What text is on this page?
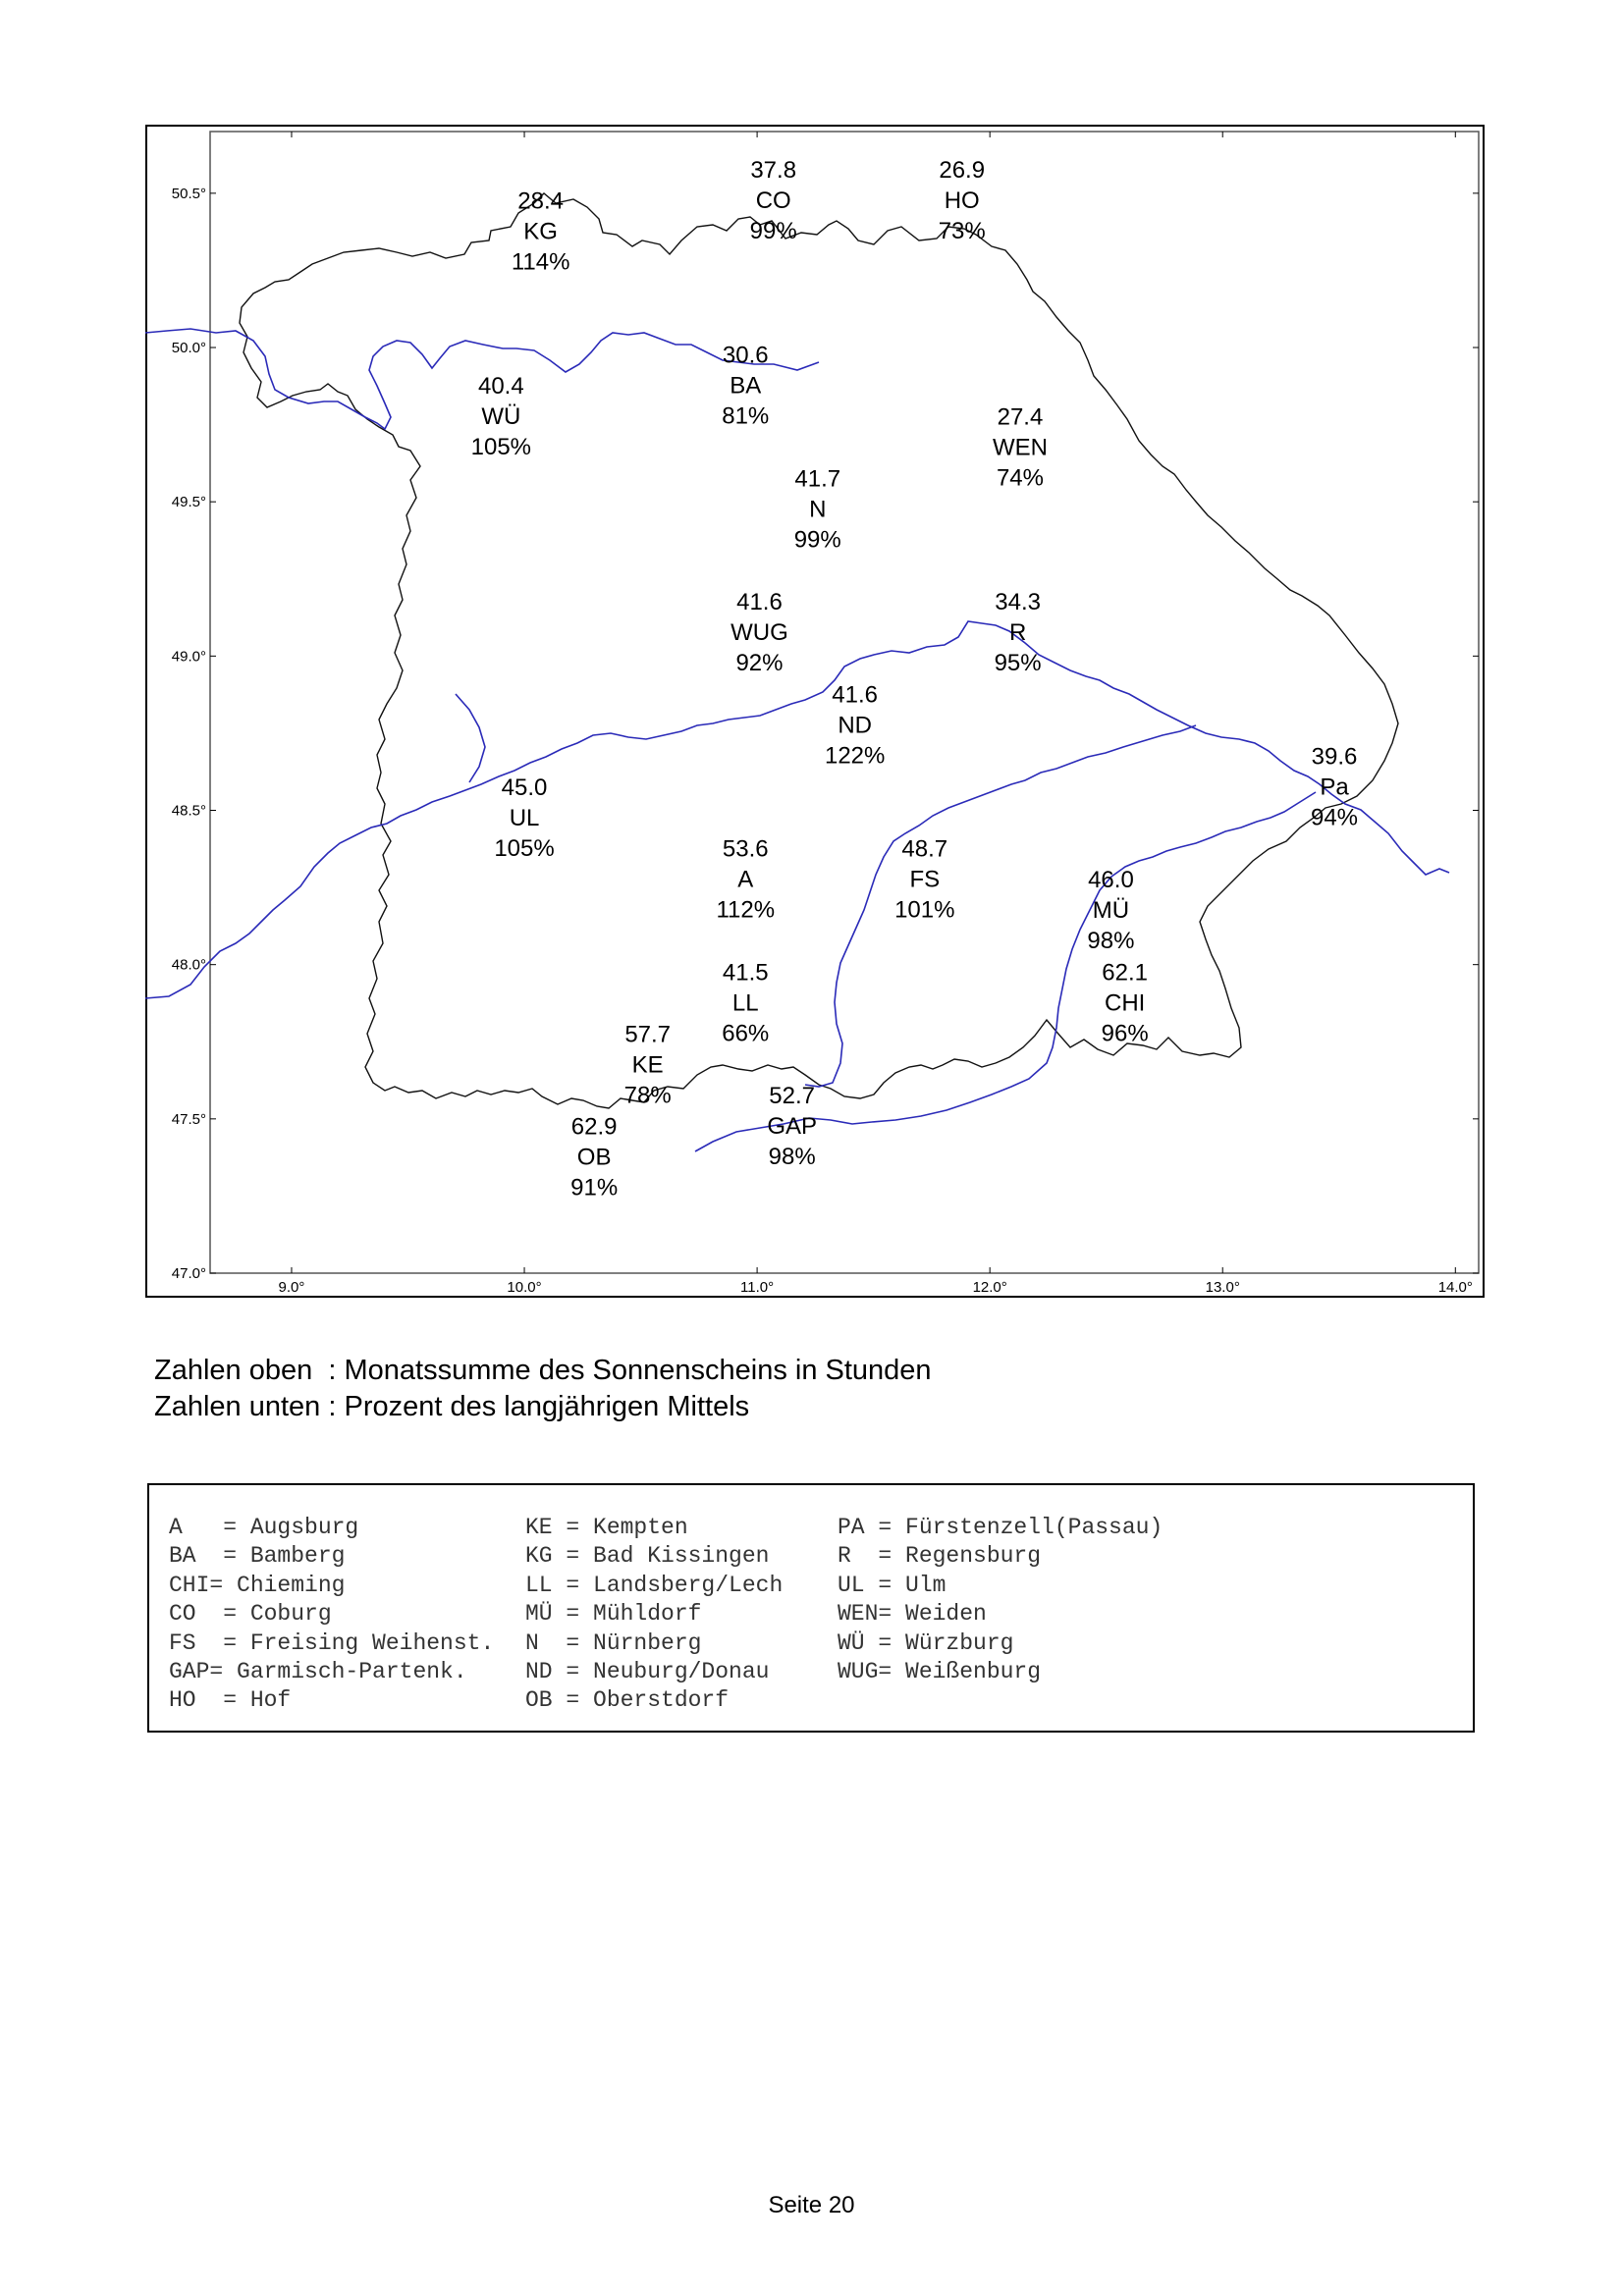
9.0°	10.0°	11.0°	12.0°	13.0°	14.0°
50.5°
50.0°
49.5°
49.0°
48.5°
48.0°
47.5°
47.0°
37.8
CO
99%
26.9
HO
73%
28.4
KG
114%
30.6
BA
81%
40.4
WÜ
105%
27.4
WEN
74%
41.7
N
99%
41.6
WUG
92%
34.3
R
95%
41.6
ND
122%	39.6
Pa
94%
45.0
UL
105%	53.6
A
112%
48.7
FS
101%
46.0
MÜ
98%
41.5
LL
66%
62.1
CHI
96%
57.7
KE
78%	52.7
GAP
98%
62.9
OB
91%
Zahlen oben  : Monatssumme des Sonnenscheins in Stunden
Zahlen unten : Prozent des langjährigen Mittels
A   = Augsburg	KE = Kempten	PA = Fürstenzell(Passau)
BA  = Bamberg	KG = Bad Kissingen	R  = Regensburg
CHI= Chieming	LL = Landsberg/Lech	UL = Ulm
CO  = Coburg	MÜ = Mühldorf	WEN= Weiden
FS  = Freising Weihenst.	N  = Nürnberg	WÜ = Würzburg
GAP= Garmisch-Partenk.	ND = Neuburg/Donau	WUG= Weißenburg
HO  = Hof	OB = Oberstdorf	
Seite 20
